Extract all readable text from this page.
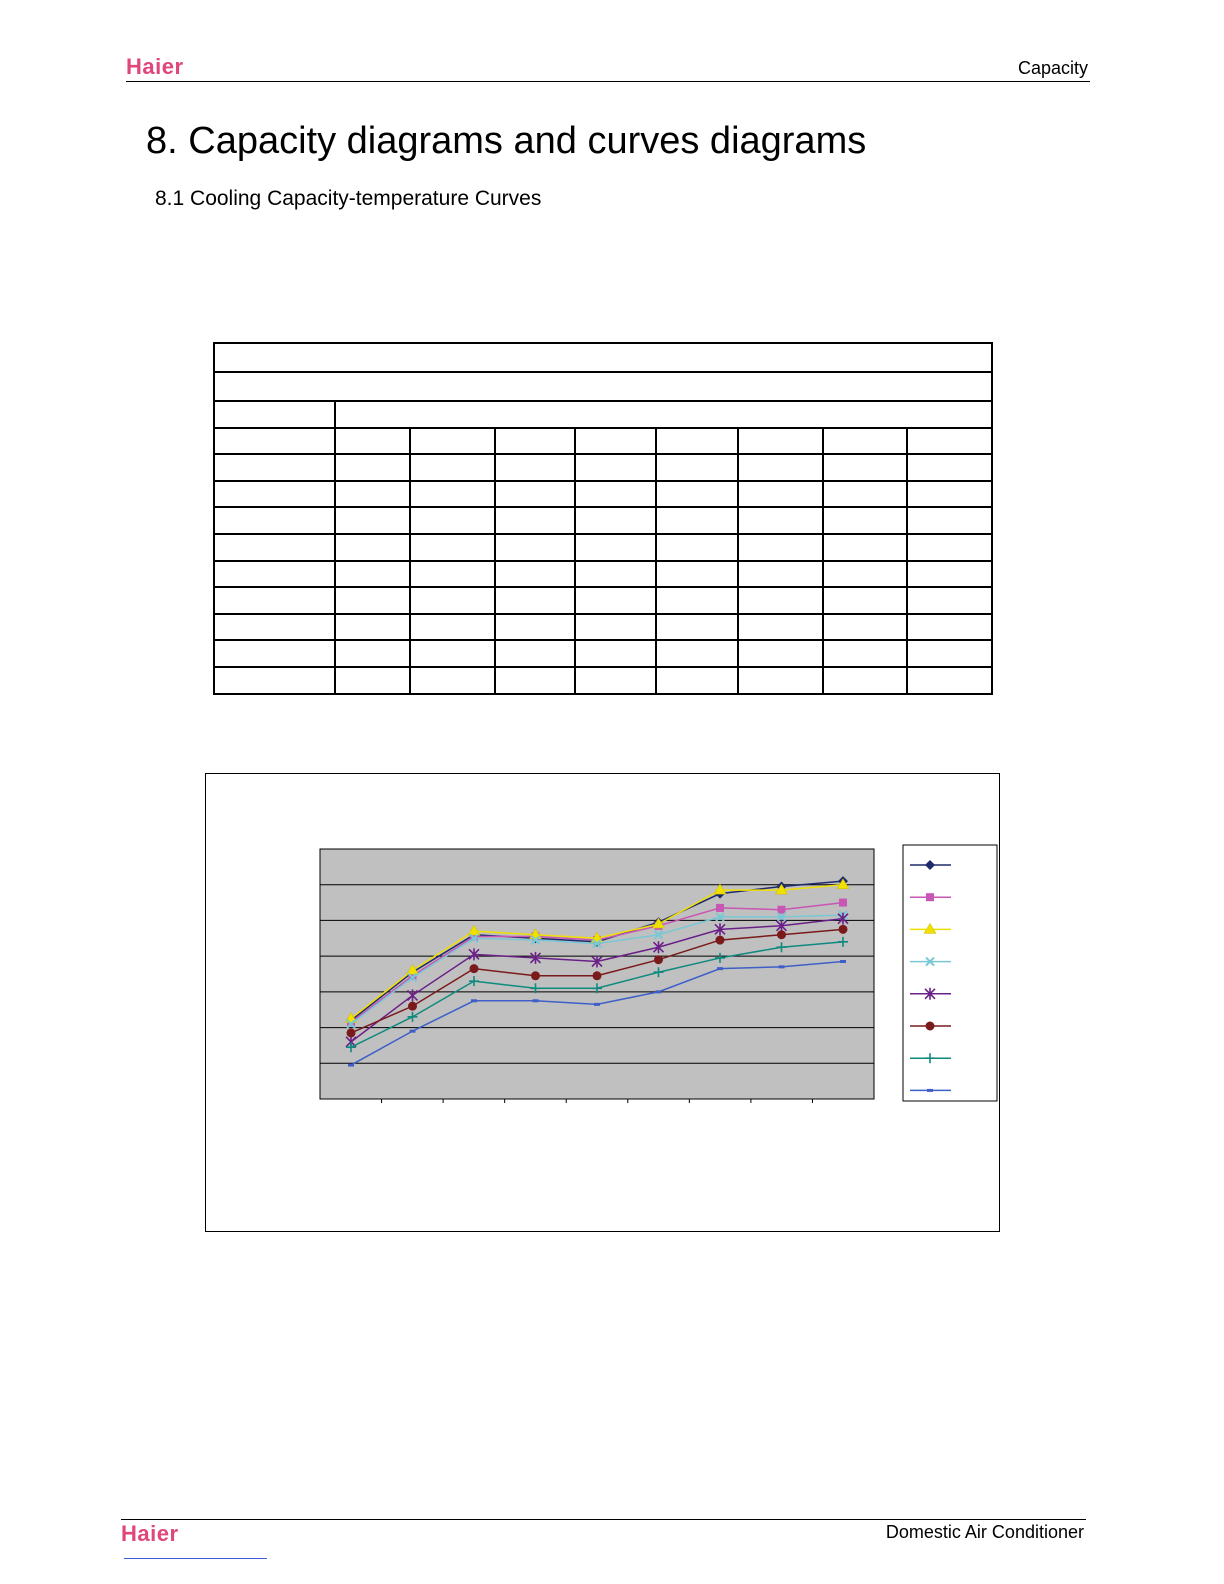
Haier	Capacity
8. Capacity diagrams and curves diagrams
8.1 Cooling Capacity-temperature Curves

Haier	Domestic Air Conditioner
